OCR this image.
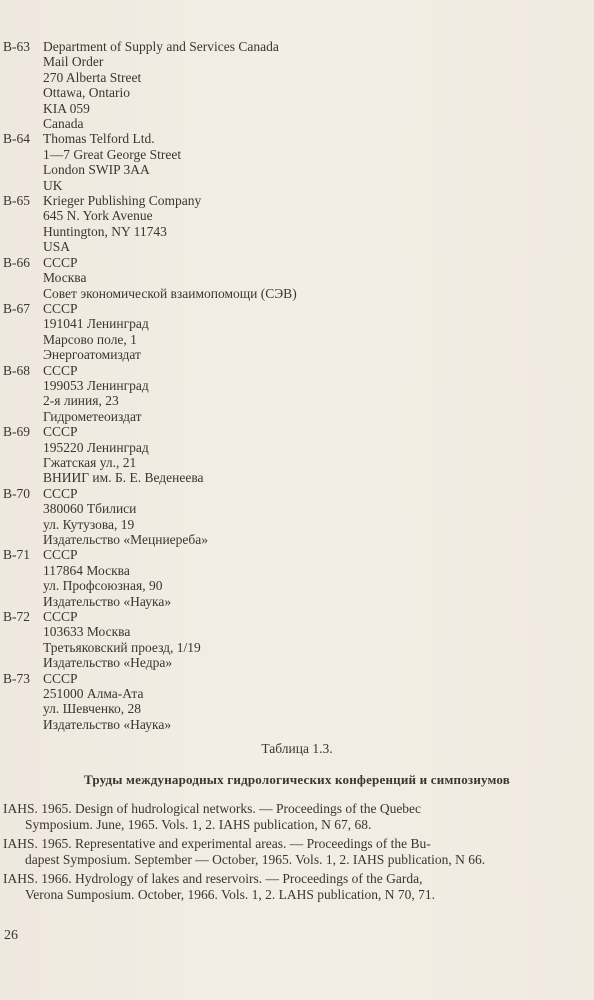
B-63 Department of Supply and Services Canada
Mail Order
270 Alberta Street
Ottawa, Ontario
KIA 059
Canada
B-64 Thomas Telford Ltd.
1—7 Great George Street
London SWIP 3AA
UK
B-65 Krieger Publishing Company
645 N. York Avenue
Huntington, NY 11743
USA
B-66 СССР
Москва
Совет экономической взаимопомощи (СЭВ)
B-67 СССР
191041 Ленинград
Марсово поле, 1
Энергоатомиздат
B-68 СССР
199053 Ленинград
2-я линия, 23
Гидрометеоиздат
B-69 СССР
195220 Ленинград
Гжатская ул., 21
ВНИИГ им. Б. Е. Веденеева
B-70 СССР
380060 Тбилиси
ул. Кутузова, 19
Издательство «Мецниереба»
B-71 СССР
117864 Москва
ул. Профсоюзная, 90
Издательство «Наука»
B-72 СССР
103633 Москва
Третьяковский проезд, 1/19
Издательство «Недра»
B-73 СССР
251000 Алма-Ата
ул. Шевченко, 28
Издательство «Наука»
Таблица 1.3.
Труды международных гидрологических конференций и симпозиумов
IAHS. 1965. Design of hudrological networks. — Proceedings of the Quebec
Symposium. June, 1965. Vols. 1, 2. IAHS publication, N 67, 68.
IAHS. 1965. Representative and experimental areas. — Proceedings of the Bu-
dapest Symposium. September — October, 1965. Vols. 1, 2. IAHS publication, N 66.
IAHS. 1966. Hydrology of lakes and reservoirs. — Proceedings of the Garda,
Verona Sumposium. October, 1966. Vols. 1, 2. LAHS publication, N 70, 71.
26
